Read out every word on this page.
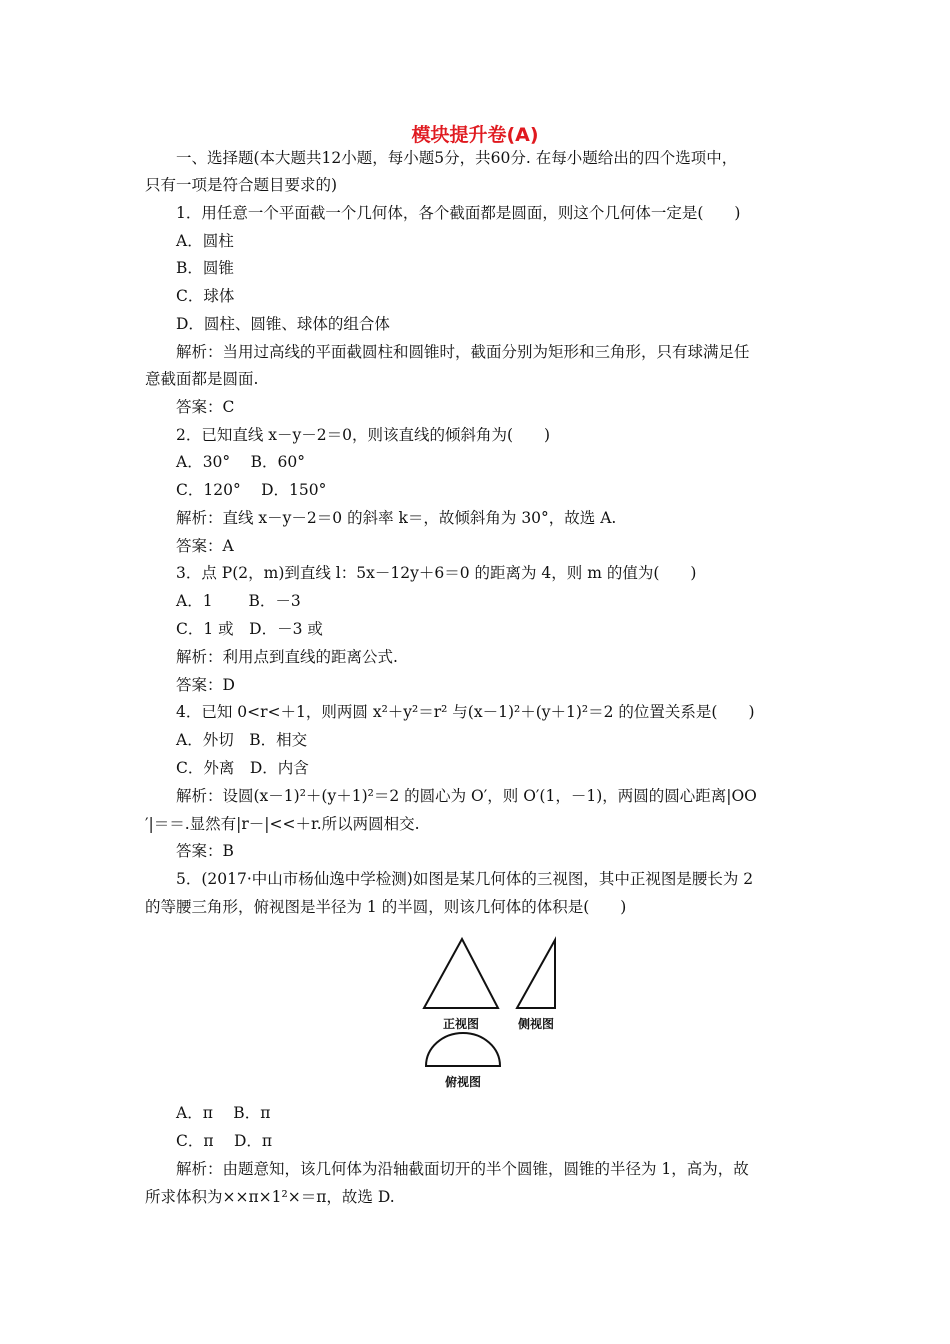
模块提升卷(A)
一、选择题(本大题共12小题，每小题5分，共60分. 在每小题给出的四个选项中，
只有一项是符合题目要求的)
1．用任意一个平面截一个几何体，各个截面都是圆面，则这个几何体一定是(　　)
A．圆柱
B．圆锥
C．球体
D．圆柱、圆锥、球体的组合体
解析：当用过高线的平面截圆柱和圆锥时，截面分别为矩形和三角形，只有球满足任
意截面都是圆面.
答案：C
2．已知直线 x－y－2＝0，则该直线的倾斜角为(　　)
A．30°　 B．60°
C．120°　 D．150°
解析：直线 x－y－2＝0 的斜率 k＝，故倾斜角为 30°，故选 A.
答案：A
3．点 P(2，m)到直线 l：5x－12y＋6＝0 的距离为 4，则 m 的值为(　　)
A．1　　 B．－3
C．1 或　D．－3 或
解析：利用点到直线的距离公式.
答案：D
4．已知 0<r<＋1，则两圆 x²＋y²＝r² 与(x－1)²＋(y＋1)²＝2 的位置关系是(　　)
A．外切　B．相交
C．外离　D．内含
解析：设圆(x－1)²＋(y＋1)²＝2 的圆心为 O′，则 O′(1，－1)，两圆的圆心距离|OO
′|＝＝.显然有|r－|<<＋r.所以两圆相交.
答案：B
5．(2017·中山市杨仙逸中学检测)如图是某几何体的三视图，其中正视图是腰长为 2
的等腰三角形，俯视图是半径为 1 的半圆，则该几何体的体积是(　　)
正视图	侧视图
俯视图
A．π　 B．π
C．π　 D．π
解析：由题意知，该几何体为沿轴截面切开的半个圆锥，圆锥的半径为 1，高为，故
所求体积为××π×1²×＝π，故选 D.
